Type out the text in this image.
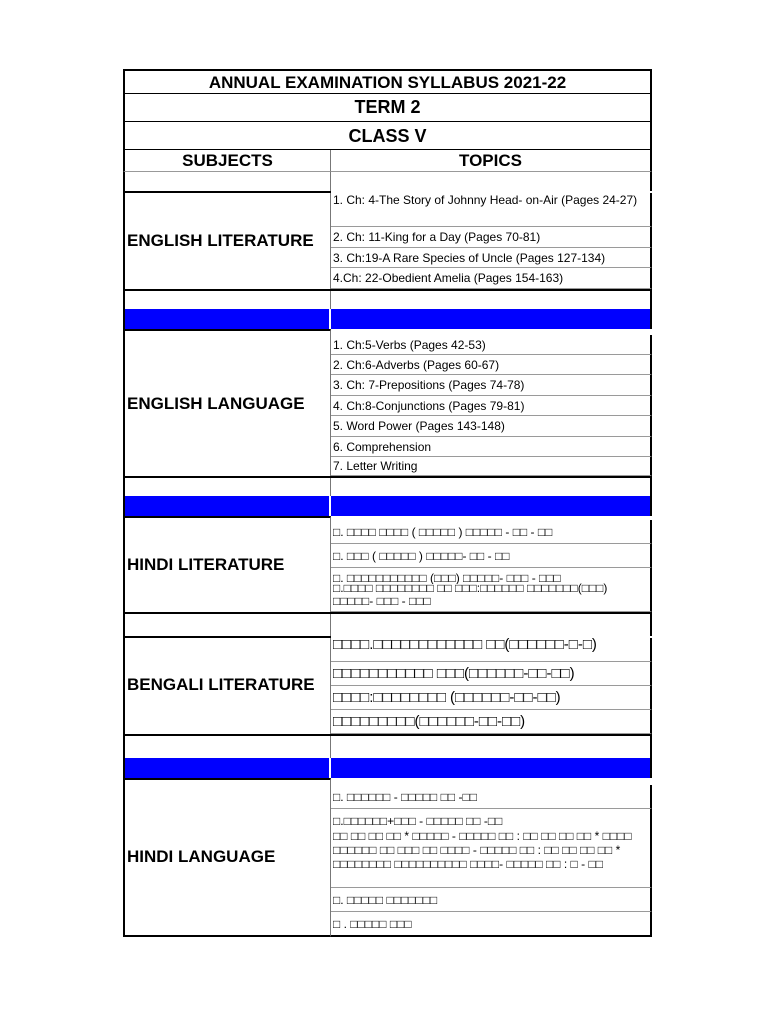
ANNUAL EXAMINATION SYLLABUS 2021-22
TERM 2
CLASS V
SUBJECTS	TOPICS
ENGLISH LITERATURE
1. Ch: 4-The Story of Johnny Head- on-Air (Pages 24-27)
2. Ch: 11-King for a Day (Pages 70-81)
3. Ch:19-A Rare Species of Uncle (Pages 127-134)
4.Ch: 22-Obedient Amelia (Pages 154-163)
ENGLISH LANGUAGE
1. Ch:5-Verbs (Pages 42-53)
2. Ch:6-Adverbs (Pages 60-67)
3. Ch: 7-Prepositions (Pages 74-78)
4. Ch:8-Conjunctions (Pages 79-81)
5. Word Power (Pages 143-148)
6. Comprehension
7. Letter Writing
HINDI LITERATURE
□. □□□□ □□□□ ( □□□□□ ) □□□□□ - □□ - □□
□. □□□ ( □□□□□ ) □□□□□- □□ - □□
□. □□□□□□□□□□□ (□□□) □□□□□- □□□ - □□□
□.□□□□ □□□□□□□□ □□ □□□:□□□□□□ □□□□□□□(□□□) □□□□□- □□□ - □□□
BENGALI LITERATURE
□□□□.□□□□□□□□□□□□ □□(□□□□□□-□-□)
□□□□□□□□□□□ □□□(□□□□□□-□□-□□)
□□□□:□□□□□□□□ (□□□□□□-□□-□□)
□□□□□□□□□(□□□□□□-□□-□□)
HINDI LANGUAGE
□. □□□□□□ - □□□□□ □□ -□□
□.□□□□□□+□□□ - □□□□□ □□ -□□
□□ □□ □□ □□ * □□□□□ - □□□□□ □□ : □□ □□ □□ □□ * □□□□ □□□□□□ □□ □□□ □□ □□□□ - □□□□□ □□ : □□ □□ □□ □□ * □□□□□□□□ □□□□□□□□□□ □□□□- □□□□□ □□ : □ - □□
□. □□□□□ □□□□□□□
□ . □□□□□ □□□
